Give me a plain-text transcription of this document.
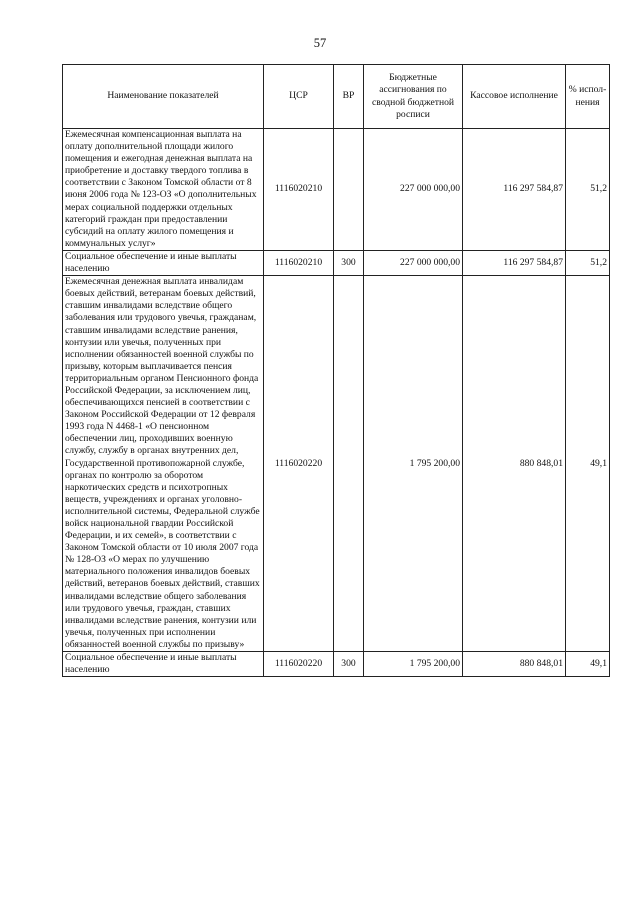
57
Наименование показателей	ЦСР	ВР	Бюджетные ассигнования по сводной бюджетной росписи	Кассовое исполнение	% испол-нения
Ежемесячная компенсационная выплата на оплату дополнительной площади жилого помещения и ежегодная денежная выплата на приобретение и доставку твердого топлива в соответствии с Законом Томской области от 8 июня 2006 года № 123-ОЗ «О дополнительных мерах социальной поддержки отдельных категорий граждан при предоставлении субсидий на оплату жилого помещения и коммунальных услуг»	1116020210		227 000 000,00	116 297 584,87	51,2
Социальное обеспечение и иные выплаты населению	1116020210	300	227 000 000,00	116 297 584,87	51,2
Ежемесячная денежная выплата инвалидам боевых действий, ветеранам боевых действий, ставшим инвалидами вследствие общего заболевания или трудового увечья, гражданам, ставшим инвалидами вследствие ранения, контузии или увечья, полученных при исполнении обязанностей военной службы по призыву, которым выплачивается пенсия территориальным органом Пенсионного фонда Российской Федерации, за исключением лиц, обеспечивающихся пенсией в соответствии с Законом Российской Федерации от 12 февраля 1993 года N 4468-1 «О пенсионном обеспечении лиц, проходивших военную службу, службу в органах внутренних дел, Государственной противопожарной службе, органах по контролю за оборотом наркотических средств и психотропных веществ, учреждениях и органах уголовно-исполнительной системы, Федеральной службе войск национальной гвардии Российской Федерации, и их семей», в соответствии с Законом Томской области от 10 июля 2007 года № 128-ОЗ «О мерах по улучшению материального положения инвалидов боевых действий, ветеранов боевых действий, ставших инвалидами вследствие общего заболевания или трудового увечья, граждан, ставших инвалидами вследствие ранения, контузии или увечья, полученных при исполнении обязанностей военной службы по призыву»	1116020220		1 795 200,00	880 848,01	49,1
Социальное обеспечение и иные выплаты населению	1116020220	300	1 795 200,00	880 848,01	49,1
